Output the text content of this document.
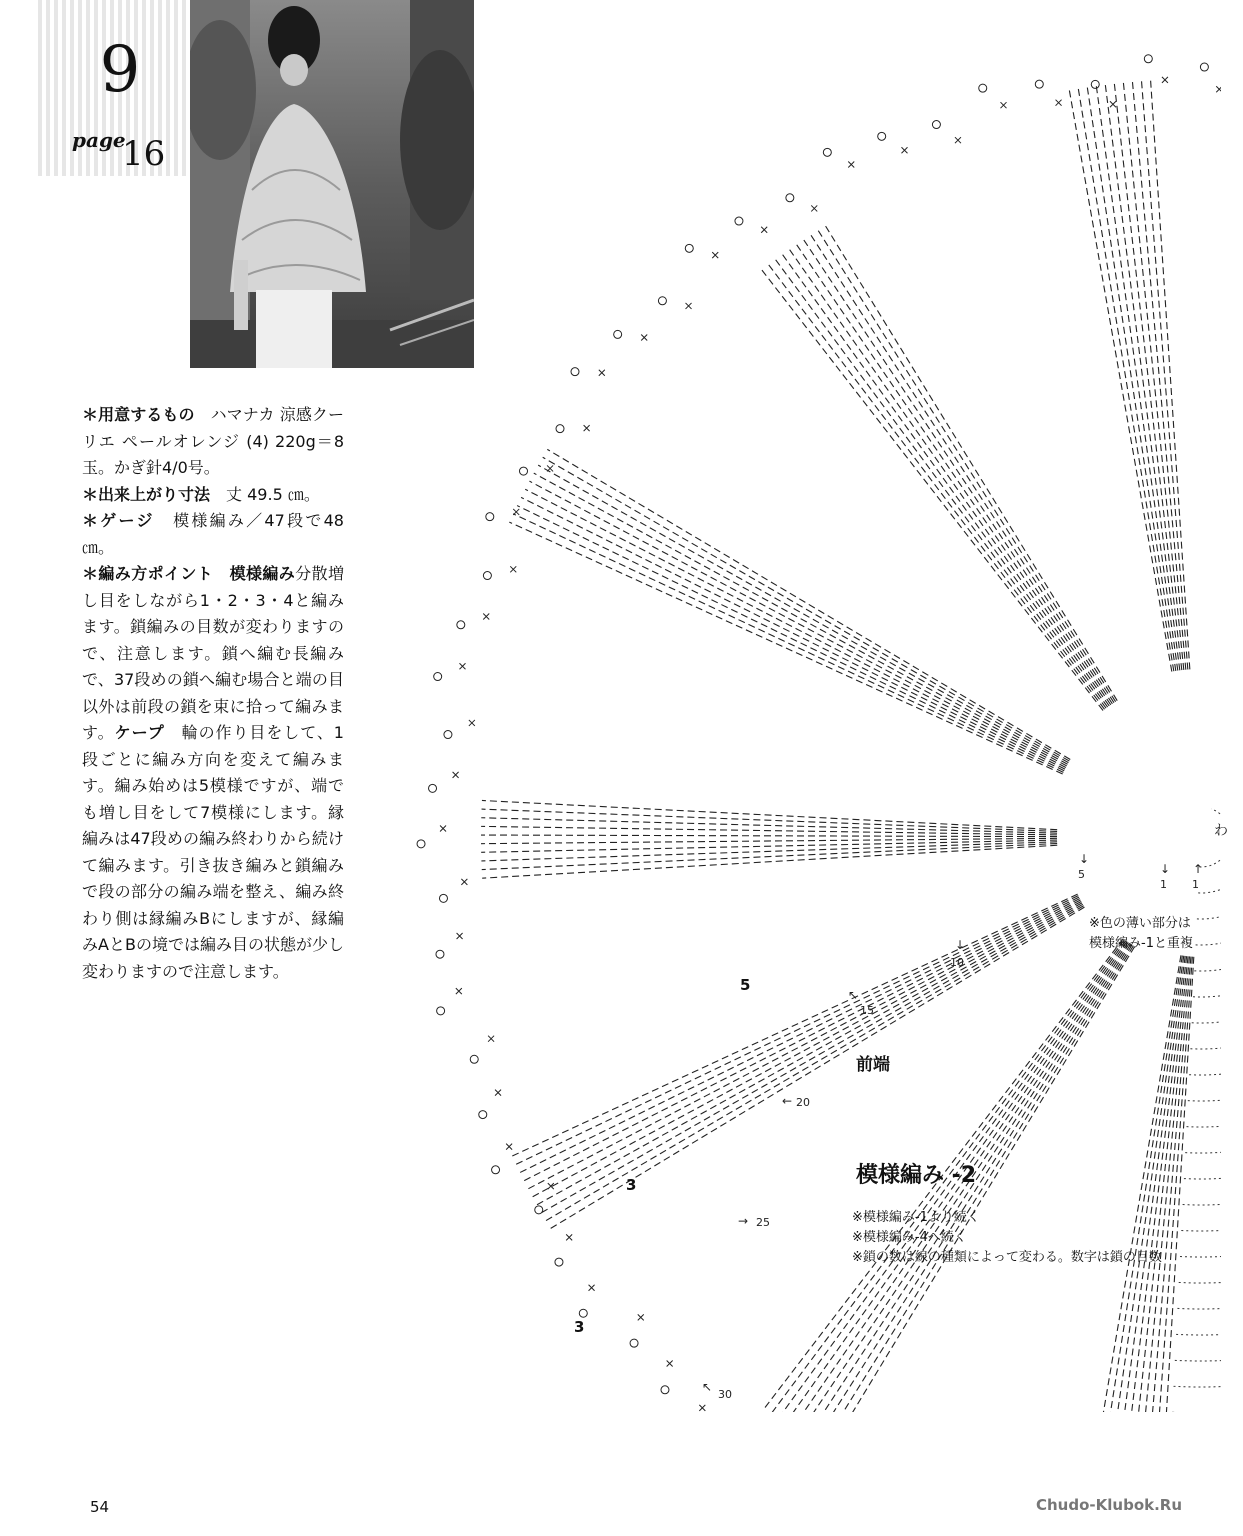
9
page
16

＊用意するもの　 ハマナカ 涼感クーリエ ペールオレンジ (4) 220g＝8玉。かぎ針4/0号。

＊出来上がり寸法　 丈 49.5 ㎝。

＊ゲージ　 模様編み／47段で48㎝。

＊編み方ポイント　 模様編み分散増し目をしながら1・2・3・4と編みます。鎖編みの目数が変わりますので、注意します。鎖へ編む長編みで、37段めの鎖へ編む場合と端の目以外は前段の鎖を束に拾って編みます。ケープ　 輪の作り目をして、1段ごとに編み方向を変えて編みます。編み始めは5模様ですが、端でも増し目をして7模様にします。縁編みは47段めの編み終わりから続けて編みます。引き抜き編みと鎖編みで段の部分の編み端を整え、編み終わり側は縁編みBにしますが、縁編みAとBの境では編み目の状態が少し変わりますので注意します。

わ
↓
1
↑
1
↓
5
↓
10
↖
15
← 20
→ 25
↖
30
5
3
3
※色の薄い部分は
模様編み-1と重複
前端
模様編み -2
※模様編み-1より続く
※模様編み-4へ続く
※鎖の数は線の種類によって変わる。数字は鎖の目数
54	Chudo-Klubok.Ru
